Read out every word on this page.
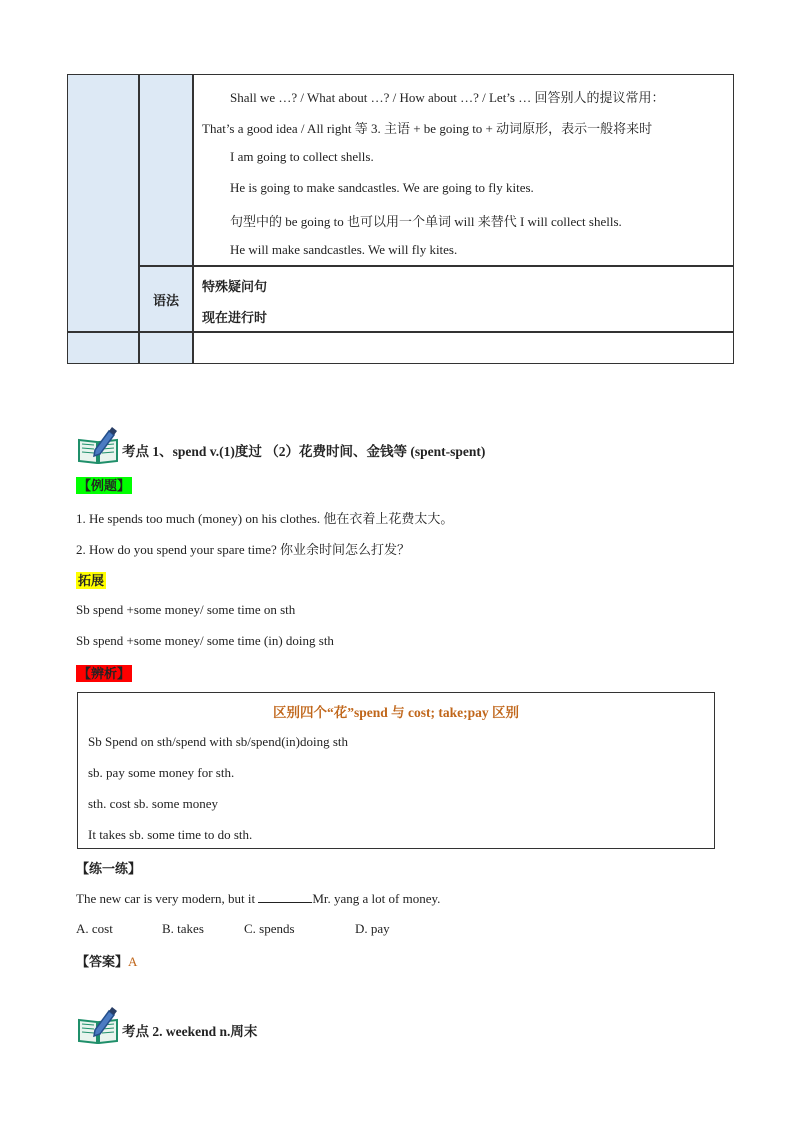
Shall we …? / What about …? / How about …? / Let’s … 回答别人的提议常用：
That’s a good idea / All right 等 3. 主语 + be going to + 动词原形，表示一般将来时
I am going to collect shells.
He is going to make sandcastles. We are going to fly kites.
句型中的 be going to 也可以用一个单词 will 来替代 I will collect shells.
He will make sandcastles. We will fly kites.
语法
特殊疑问句
现在进行时
考点 1、spend v.(1)度过 （2）花费时间、金钱等 (spent-spent)
【例题】
1. He spends too much (money) on his clothes. 他在衣着上花费太大。
2. How do you spend your spare time? 你业余时间怎么打发？
拓展
Sb spend +some money/ some time on sth
Sb spend +some money/ some time (in) doing sth
【辨析】
区别四个“花”spend 与 cost; take;pay 区别
Sb Spend on sth/spend with sb/spend(in)doing sth
sb. pay some money for sth.
sth. cost sb. some money
It takes sb. some time to do sth.
【练一练】
The new car is very modern, but it	Mr. yang a lot of money.
A. cost	B. takes	C. spends	D. pay
【答案】A
考点 2. weekend n.周末
